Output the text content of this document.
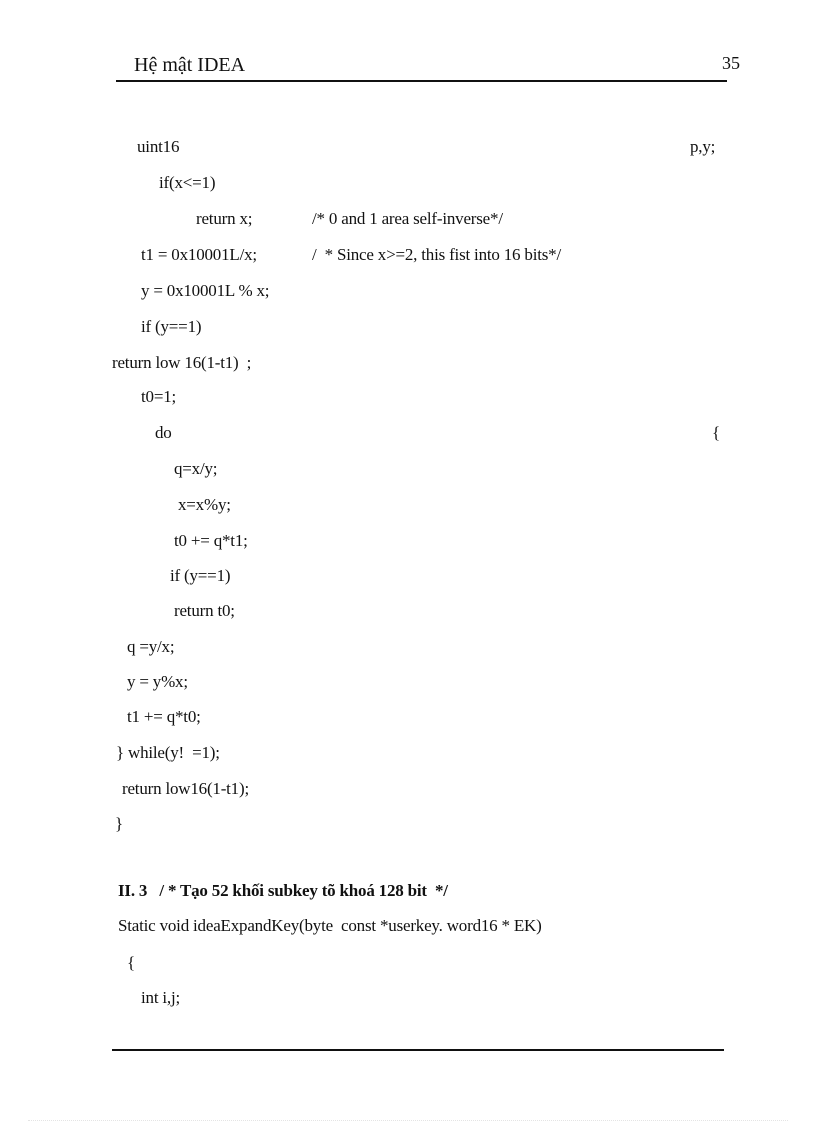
Hệ mật IDEA	35
uint16	p,y;
if(x<=1)
return x;	/* 0 and 1 area self-inverse*/
t1 = 0x10001L/x;	/  * Since x>=2, this fist into 16 bits*/
y = 0x10001L % x;
if (y==1)
return low 16(1-t1)  ;
t0=1;
do	{
q=x/y;
x=x%y;
t0 += q*t1;
if (y==1)
return t0;
q =y/x;
y = y%x;
t1 += q*t0;
} while(y!  =1);
return low16(1-t1);
}
II. 3   / * Tạo 52 khối subkey tõ khoá 128 bit  */
Static void ideaExpandKey(byte  const *userkey. word16 * EK)
{
int i,j;
